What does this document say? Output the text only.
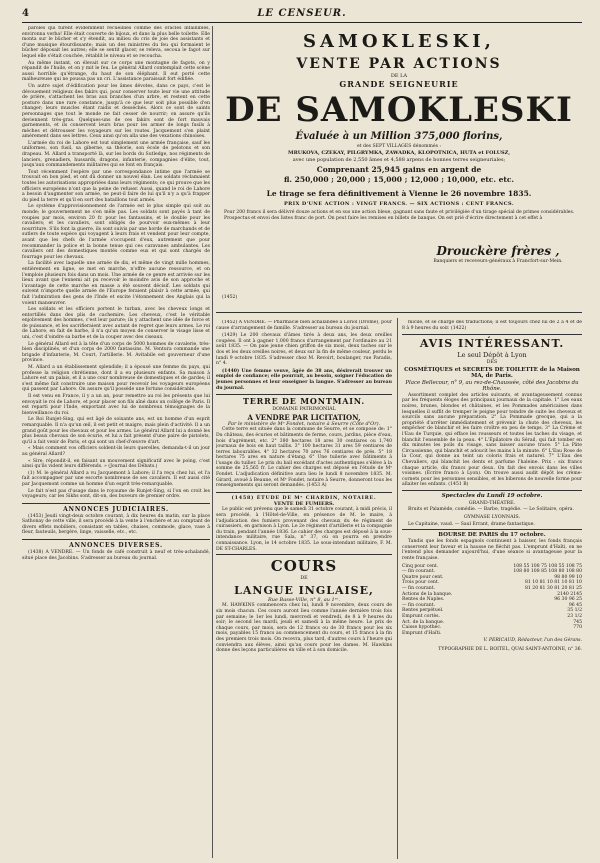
4	LE CENSEUR.

paroles qui furent évidemment recueillies comme des oracles infaillibles, environna verba! Elle était couverte de bijoux, et dans la plus belle toilette. Elle monta sur le bûcher et s'y étendit, au milieu du cris de joie des assistants et d'une musique étourdissante; mais un des ministres du feu qui formaient le bûcher déposait les autres; elle se sentit glacer, se releva, secoua le fagot sur lequel elle s'était couchée, rétablit le niveau et se recoucha.

Au même instant, on élevait sur ce corps une montagne de fagots, on y répandit de l'huile, et on y mit le feu. Le général Allard contemplait cette scène aussi horrible qu'étrange, du haut de son éléphant. Il eut porté cette malheureuse qui ne poussa pas un cri. L'assistance paraissait fort édifiée.

Un autre sujet d'édification pour les âmes dévotes, dans ce pays, c'est le dévouement religieux des fakirs qui, pour conserver toute leur vie une attitude de prière, s'attachent les bras aux branches d'un arbre, et restent en cette posture dans une rare constance, jusqu'à ce que leur soit plus possible d'en changer; leurs muscles étant raidis et desséchés. Alors ce sont de saints personnages que tout le monde ne fait cesser de nourrir; on assure qu'ils deviennent très-gras. Quelques-uns de ces fakirs sont de fort mauvais garnements, et ils conservent leurs bras pour les armer de longs fusils à mèches et détrousser les voyageurs sur les routes. Jacquemont s'en plaint amèrement dans ses lettres. Ceux ainsi qu'on alla une des vexations chinoises.

L'armée du roi de Lahore est tout simplement une armée française, sauf les uniformes, son fusil, sa giberne, sa théorie, son école de pelotons et son drapeau. M. Allard a transporté là, sur les bords du Sutledge, nos régiments de lanciers, grenadiers, hussards, dragons, infanterie, compagnies d'élite, tout, jusqu'aux commandements militaires qui se font en français.

Tout récemment l'espère par une correspondance intime que l'armée se trouvait en bon pied, et ont dû donner un nouvel élan. Les soldats réclamaient toutes les autorisations appropriées dans leurs régiments; ce qui prouve que les officiers européens n'ont que la peine de refuser. Aussi, quand le roi de Lahore a besoin d'augmenter son armée, ne peut-il faire de lui qu'il n'y a qu'à frapper du pied la terre et qu'il en sort des bataillons tout armés.

Le système d'approvisionnement de l'armée est le plus simple qui soit au monde; le gouvernement ne s'en mêle pas. Les soldats sont payés à tant de roupies par mois, environ 20 fr. pour les fantassins, et le double pour les cavaliers; et les cavaliers, sont obligés de pourvoir eux-mêmes à leur nourriture. S'ils font la guerre, ils sont suivis par une horde de marchands et de sutlers de toute espèce qui voyagent à leurs frais et vendent pour leur compte, avant que les chefs de l'armée s'occupent d'eux, autrement que pour recommander la police et la bonne tenue qui ces caravanes ambulantes. Les cavaliers ont des domestiques montés comme eux et qui sont chargés de fourrage pour les chevaux.

La facilité avec laquelle une armée de dix, et même de vingt mille hommes, entièrement en ligne, se met en marche, n'offre aucune ressource, et on l'emploie plusieurs fois dans un mois. Une armée de ce genre est arrivée sur les lieux avant que l'ennemi ait pu recevoir le moindre avis de son approche et l'avantage de cette marche en masse a été souvent décisif. Les soldats qui suivent n'importe quelle armée de l'Europe feraient plaisir à cette armée, qui fait l'admiration des gens de l'Inde et excite l'étonnement des Anglais qui la voient manœuvrer.

Les soldats et les officiers portent le turban, avec les cheveux longs et entortillés dans des plis de cachemire. Les cheveux, c'est le véritable enjolivement des hommes, c'est leur parure; ils y attachent une idée de force et de puissance, et les sacrifieraient avec autant de regret que leurs armes. Le roi de Lahore, en fait de barbe, il n'a qu'un moyen de conserver le visage lisse et uni, c'est d'oindre sa barbe et de la couper avec des ciseaux.

Le général Allard est à la tête d'un corps de 5000 hommes de cavalerie, très-bien disciplinés, et d'un corps de 2000 fantassins. M. Ventura commande une brigade d'infanterie, M. Court, l'artillerie. M. Avitabile est gouverneur d'une province.

M. Allard a un établissement splendide; il a épousé une femme du pays, qui professe la religion chrétienne, dont il a eu plusieurs enfants. Sa maison à Lahore est un palais, et il a une cour nombreuse de domestiques et de gardes; il s'est même fait construire une maison pour recevoir les voyageurs européens qui passent par Lahore. On assure qu'il possède une fortune considérable.

Il est venu en France, il y a un an, pour remettre au roi les présents que lui envoyait le roi de Lahore, et pour placer son fils aîné dans un collège de Paris. Il est reparti pour l'Inde, emportant avec lui de nombreux témoignages de la bienveillance du roi.

Le Roi Runjet-Sing, qui est âgé de soixante ans, est un homme d'un esprit remarquable. Il n'a qu'un œil, il est petit et maigre, mais plein d'activité. Il a un grand goût pour les chevaux et pour les armes. Le général Allard lui a donné les plus beaux chevaux de son écurie, et lui a fait présent d'une paire de pistolets, qu'il a fait venir de Paris, et qui sont un chef-d'œuvre d'art.

« Mais comment vos officiers soldent-ils leurs querelles, demanda-t-il un jour au général Allard?

« Sire, répondit-il, en faisant un mouvement significatif avec le poing, c'est ainsi qu'ils vident leurs différends. » (Journal des Débats.)

(1) M. le général Allard a vu Jacquemont à Lahore; il l'a reçu chez lui, et l'a fait accompagner par une escorte nombreuse de ses cavaliers. Il est aussi cité par Jacquemont comme un homme d'un esprit très-remarquable.

Le fait n'est pas d'usage dans le royaume de Runjet-Sing, si l'on en croit les voyageurs; car les Sikhs sont, dit-on, des buveurs de premier ordre.

ANNONCES JUDICIAIRES.

(1453) Jeudi vingt-deux octobre courant, à dix heures du matin, sur la place Sathonay de cette ville, il sera procédé à la vente à l'enchère et au comptant de divers effets mobiliers, consistant en tables, chaises, commode, glace, vase à fleur, fauteuils, bergère, linge, vaisselle, etc., etc.

ANNONCES DIVERSES.

(1438) A VENDRE. — Un fonds de café construit à neuf et très-achalandé, situé place des Jacobins. S'adresser au bureau du journal.

SAMOKLESKI,
VENTE PAR ACTIONS
DE LA
GRANDE SEIGNEURIE
DE SAMOKLESKI
Évaluée à un Million 375,000 florins,
et des SEPT VILLAGES dénommés :
MRUKOVA, CZEKAY, PILGRYMKA, ZAWADKA, KLOPOTNICA, HUTA et FOLUSZ,
avec une population de 2,550 âmes et 4,588 arpens de bonnes terres seigneuriales;
Comprenant 25,945 gains en argent de
fl. 250,000 ; 20,000 ; 15,000 ; 12,000 ; 10,000, etc. etc.
Le tirage se fera définitivement à Vienne le 26 novembre 1835.
PRIX D'UNE ACTION : VINGT FRANCS. — SIX ACTIONS : CENT FRANCS.
Pour 200 francs il sera délivré douze actions et en sus une action bleue, gagnant sans faute et privilégiée d'un tirage spécial de primes considérables. Prospectus et envoi des listes franc de port. On peut faire les remises en billets de banque. On est prié d'écrire directement à cet effet à
(1452)
Drouckère frères ,
Banquiers et receveurs-généraux à Francfort-sur-Mein.

(1452) A VENDRE. — Pharmacie bien achalandée à Loriol (Drôme), pour cause d'arrangement de famille. S'adresser au bureau du journal.

(1429) Le 200 chevaux d'âmes tirés à deux ans, les deux oreilles coupées. Il ont à gagner 1,000 francs d'arrangement par l'ordinaire au 21 août 1835. — On paie jeune chien griffon de six mois, deux taches sur le dos et les deux oreilles noires, et deux sur la fin de même couleur, perdu le lundi 9 octobre 1835. S'adresser chez M. Revoirt, boulanger, rue Paradis, n° 4.

(1440) Une femme veuve, âgée de 38 ans, désirerait trouver un emploi de confiance; elle pourrait, au besoin, soigner l'éducation de jeunes personnes et leur enseigner la langue. S'adresser au bureau du journal.

TERRE DE MONTMAIN.
DOMAINE PATRIMONIAL
A VENDRE PAR LICITATION,
Par le ministère de Mᵉ Fondet, notaire à Seurre (Côte d'Or).

Cette terre est située dans la commune de Seurre, et se compose de: 1° Du château, des écuries et bâtiments de ferme, cours, jardins, pièce d'eau, bois d'agrément, etc. 2° 380 hectares 18 ares 30 centiares ou 1,740 journaux de bois en haut taillis. 3° 100 hectares 31 ares 59 centiares de terres labourables. 4° 32 hectares 70 ares 76 centiares de prés. 5° 18 hectares 75 ares en nature d'étang. 6° Une tuilerie avec bâtiments à l'usage du tuilier. Le prix du bail excédant d'actes authentiques s'élève à la somme de 25,565 fr. Le cahier des charges est déposé en l'étude de Mᵉ Fondet. L'adjudication définitive aura lieu le lundi 8 novembre 1835. M. Girard, avoué à Beaune, et Mᵉ Fondet, notaire à Seurre, donneront tous les renseignements qui seront demandés. (1453 A)

(1458) ÉTUDE DE Mᵉ CHARDIN, NOTAIRE.
VENTE DE FUMIERS.

Le public est prévenu que le samedi 31 octobre courant, à midi précis, il sera procédé, à l'Hôtel-de-Ville, en présence de M. le maire, à l'adjudication des fumiers provenant des chevaux du 4e régiment de cuirassiers, en garnison à Lyon. Le 2e régiment d'artillerie et la compagnie du train, pendant l'année 1836. Le cahier des charges est déposé à la sous-intendance militaire, rue Sala, n° 37, où on pourra en prendre connaissance. Lyon, le 14 octobre 1835. Le sous-intendant militaire, F. M. DE ST-CHARLES.

COURS
DE
LANGUE INGLAISE,
Rue Basse-Ville, n° 8, au 1ᵉʳ.

M. HAWKINS commencera chez lui, lundi 9 novembre, deux cours de six mois chacun. Ces cours auront lieu comme l'année dernière trois fois par semaine; le 1er les lundi, mercredi et vendredi, de 8 à 9 heures du soir; le second les mardi, jeudi et samedi à la même heure. Le prix de chaque cours, par mois, sera de 12 francs ou de 30 francs pour les six mois, payables 15 francs au commencement du cours, et 15 francs à la fin des premiers trois mois. On recevra, plus tard, d'autres cours à l'heure qui conviendra aux élèves, ainsi qu'au cours pour les dames. M. Hawkins donne des leçons particulières en ville et à son domicile.

micile, et se charge des traductions; il est toujours chez lui de 2 à 4 et de 8 à 9 heures du soir. (1422)

AVIS INTÉRESSANT.
Le seul Dépôt à Lyon
DES
COSMÉTIQUES et SECRETS DE TOILETTE de la Maison MA, de Paris.
Place Bellecour, n° 9, au rez-de-Chaussée, côté des Jacobins du Rhône.

Assortiment complet des articles suivants, et avantageusement connus par les fréquents éloges des principaux journaux de la capitale. 1° Les eaux noires, brunes, blondes et châtaines, et les Pommades américaines dans lesquelles il suffit de tremper le peigne pour teindre de suite les cheveux et sourcils sans aucune préparation. 2° La Pommade grecque, qui a la propriété d'arrêter immédiatement et prévenir la chute des cheveux, les empêcher de blanchir et les faire croître en peu de temps. 3° La Crème et l'Eau de Turquie, qui efface les rousseurs et toutes les taches du visage, et blanchit l'ensemble de la peau. 4° L'Épilatoire du Sérail, qui fait tomber en dix minutes les poils du visage, sans laisser aucune trace. 5° La Pâte Circassienne, qui blanchit et adoucit les mains à la minute. 6° L'Eau Rose de la Cour, qui donne au teint un coloris frais et naturel. 7° L'Eau des Chevaliers, qui blanchit les dents et parfume l'haleine. Prix : six francs chaque article, dix francs pour deux. On fait des envois dans les villes voisines. (Écrire franco à Lyon). On trouve aussi audit dépôt les crème-cornets pour les personnes sensibles, et les biberons de nouvelle forme pour allaiter les enfants. (1451 B)

Spectacles du Lundi 19 octobre.
GRAND-THÉATRE.

Bruits et Palamède, comédie. — Barbe, tragédie. — Le Solitaire, opéra.

GYMNASE LYONNAIS.

Le Capitaine, vaud. — Saul Errant, drame fantastique.

BOURSE DE PARIS du 17 octobre.

Tandis que les fonds espagnols continuent à baisser, les fonds français conservent leur faveur et la hausse ne fléchit pas. L'emprunt d'Haïti, on ne l'entend plus demander aujourd'hui, d'une séance si avantageuse pour la rente française.

Cinq pour cent.	108 55 108 75 108 55 108 75
— fin courant.	108 80 108 85 108 80 108 80
Quatre pour cent.	98 80 99 10
Trois pour cent.	81 10 81 10 81 10 81 10
— fin courant.	81 20 81 30 81 20 81 25
Actions de la banque.	2140 2145
Rentes de Naples.	96 30 96 25
— fin courant.	96 45
Rentes perpétuel.	35 1/2
Emprunt cortès.	23 1/2
Act. de la banque.	745
Caisse hypothéc.	770
Emprunt d'Haïti.	
V. PERICAUD, Rédacteur, l'un des Gérans.
TYPOGRAPHIE DE L. BOITEL, QUAI SAINT-ANTOINE, n° 36.
